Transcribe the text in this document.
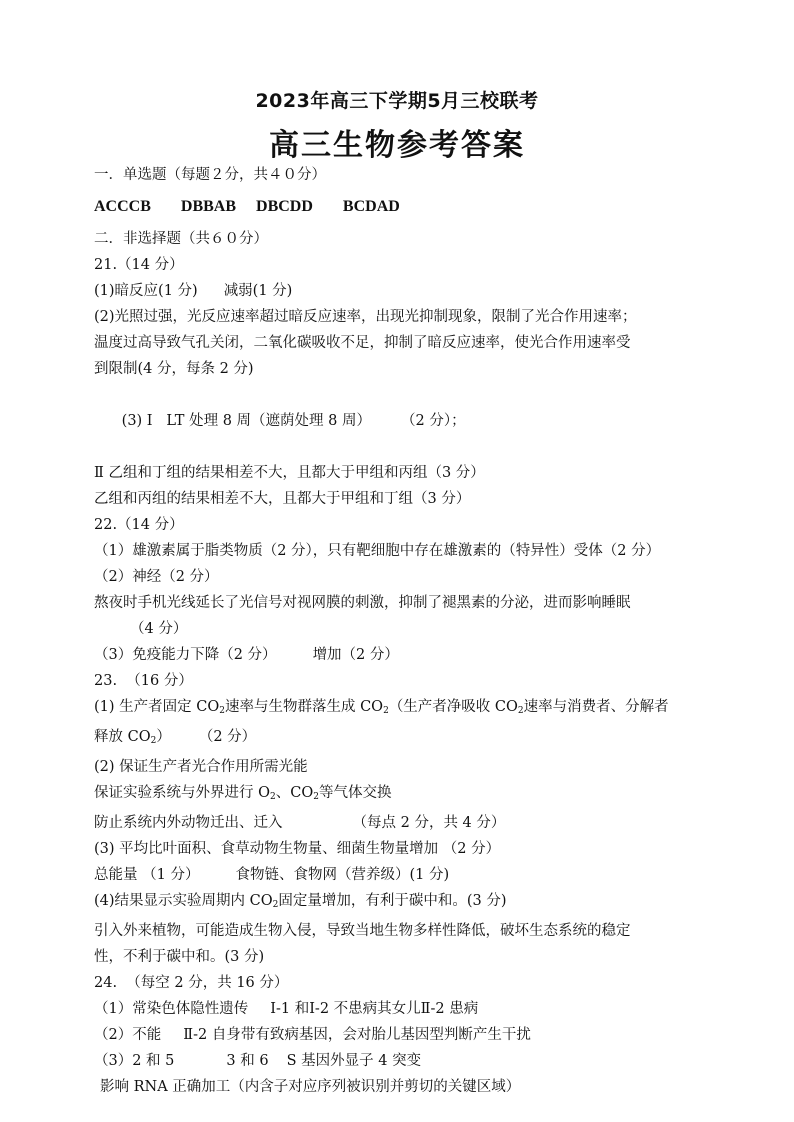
2023年高三下学期5月三校联考
高三生物参考答案
一．单选题（每题２分，共４０分）
ACCCB   DBBAB  DBCDD   BCDAD
二．非选择题（共６０分）
21.（14 分）
(1)暗反应(1 分) 减弱(1 分)
(2)光照过强，光反应速率超过暗反应速率，出现光抑制现象，限制了光合作用速率；
温度过高导致气孔关闭，二氧化碳吸收不足，抑制了暗反应速率，使光合作用速率受
到限制(4 分，每条 2 分)

(3) Ⅰ   LT 处理 8 周（遮荫处理 8 周） （2 分）；

Ⅱ 乙组和丁组的结果相差不大，且都大于甲组和丙组（3 分）
乙组和丙组的结果相差不大，且都大于甲组和丁组（3 分）
22.（14 分）
（1）雄激素属于脂类物质（2 分），只有靶细胞中存在雄激素的（特异性）受体（2 分）
（2）神经（2 分）
熬夜时手机光线延长了光信号对视网膜的刺激，抑制了褪黑素的分泌，进而影响睡眠
（4 分）
（3）免疫能力下降（2 分） 增加（2 分）
23.  （16 分）
(1) 生产者固定 $CO_2$速率与生物群落生成 $CO_2$（生产者净吸收 $CO_2$速率与消费者、分解者
释放 $CO_2$） （2 分）
(2) 保证生产者光合作用所需光能
保证实验系统与外界进行 $O_2$、$CO_2$等气体交换
防止系统内外动物迁出、迁入	（每点 2 分，共 4 分）
(3) 平均比叶面积、食草动物生物量、细菌生物量增加 （2 分）
总能量 （1 分） 食物链、食物网（营养级）(1 分)
(4)结果显示实验周期内 $CO_2$固定量增加，有利于碳中和。(3 分)
引入外来植物，可能造成生物入侵，导致当地生物多样性降低，破坏生态系统的稳定
性，不利于碳中和。(3 分)
24.  （每空 2 分，共 16 分）
（1）常染色体隐性遗传 Ⅰ-1 和Ⅰ-2 不患病其女儿Ⅱ-2 患病
（2）不能 Ⅱ-2 自身带有致病基因，会对胎儿基因型判断产生干扰
（3）2 和 5	3 和 6 S 基因外显子 4 突变
影响 RNA 正确加工（内含子对应序列被识别并剪切的关键区域）
